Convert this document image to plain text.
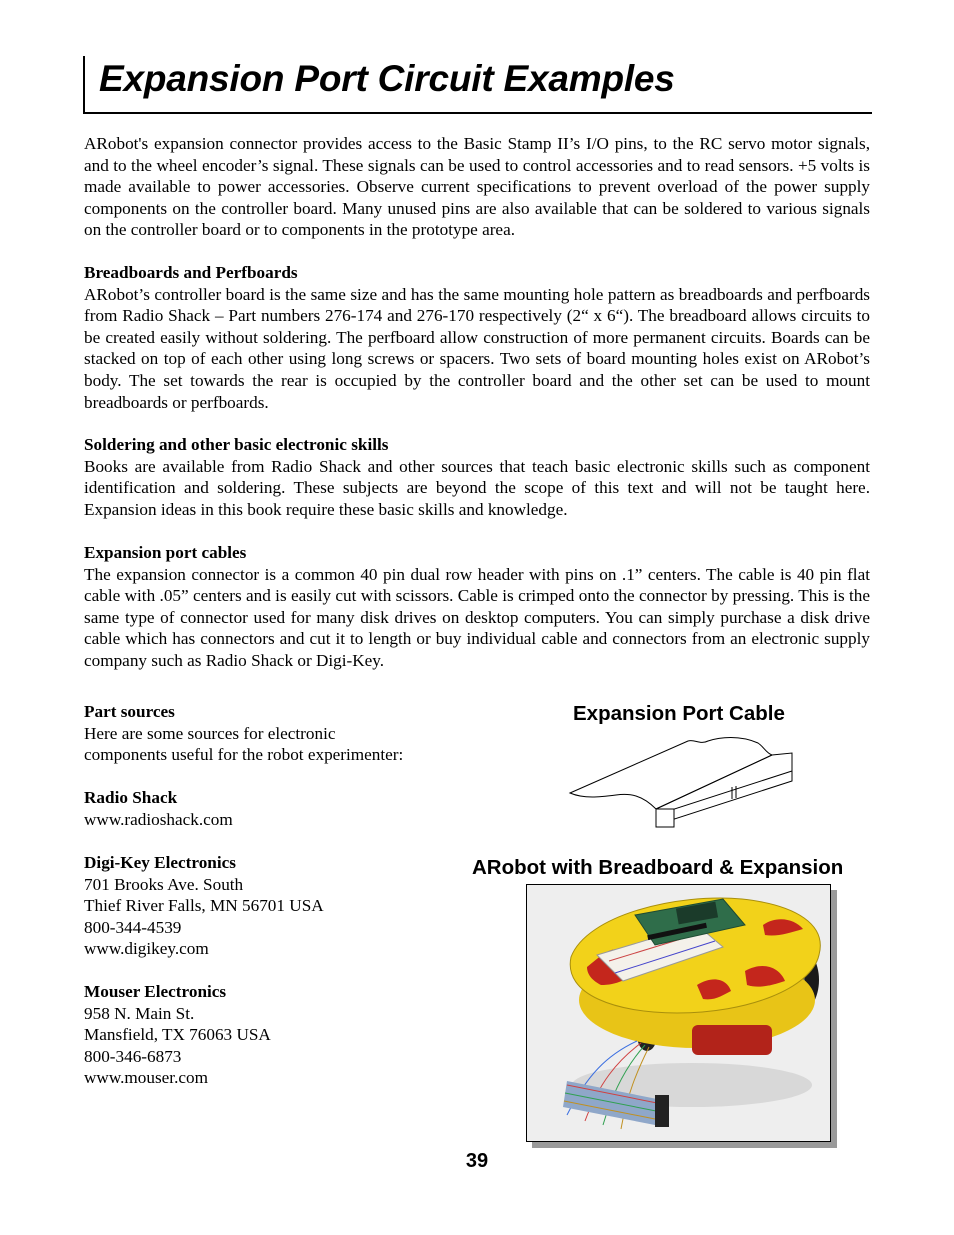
Expansion Port Circuit Examples

ARobot's expansion connector provides access to the Basic Stamp II’s I/O pins, to the RC servo motor signals, and to the wheel encoder’s signal. These signals can be used to control accessories and to read sensors. +5 volts is made available to power accessories. Observe current specifications to prevent overload of the power supply components on the controller board. Many unused pins are also available that can be soldered to various signals on the controller board or to components in the prototype area.

Breadboards and Perfboards

ARobot’s controller board is the same size and has the same mounting hole pattern as breadboards and perfboards from Radio Shack – Part numbers 276-174 and 276-170 respectively (2“ x 6“). The breadboard allows circuits to be created easily without soldering. The perfboard allow construction of more permanent circuits. Boards can be stacked on top of each other using long screws or spacers. Two sets of board mounting holes exist on ARobot’s body. The set towards the rear is occupied by the controller board and the other set can be used to mount breadboards or perfboards.

Soldering and other basic electronic skills

Books are available from Radio Shack and other sources that teach basic electronic skills such as component identification and soldering. These subjects are beyond the scope of this text and will not be taught here. Expansion ideas in this book require these basic skills and knowledge.

Expansion port cables

The expansion connector is a common 40 pin dual row header with pins on .1” centers. The cable is 40 pin flat cable with .05” centers and is easily cut with scissors. Cable is crimped onto the connector by pressing. This is the same type of connector used for many disk drives on desktop computers. You can simply purchase a disk drive cable which has connectors and cut it to length or buy individual cable and connectors from an electronic supply company such as Radio Shack or Digi-Key.

Part sources
Here are some sources for electronic
components useful for the robot experimenter:
Radio Shack
www.radioshack.com
Digi-Key Electronics
701 Brooks Ave. South
Thief River Falls, MN 56701 USA
800-344-4539
www.digikey.com
Mouser Electronics
958 N. Main St.
Mansfield, TX 76063 USA
800-346-6873
www.mouser.com
Expansion Port Cable
ARobot with Breadboard & Expansion
39
